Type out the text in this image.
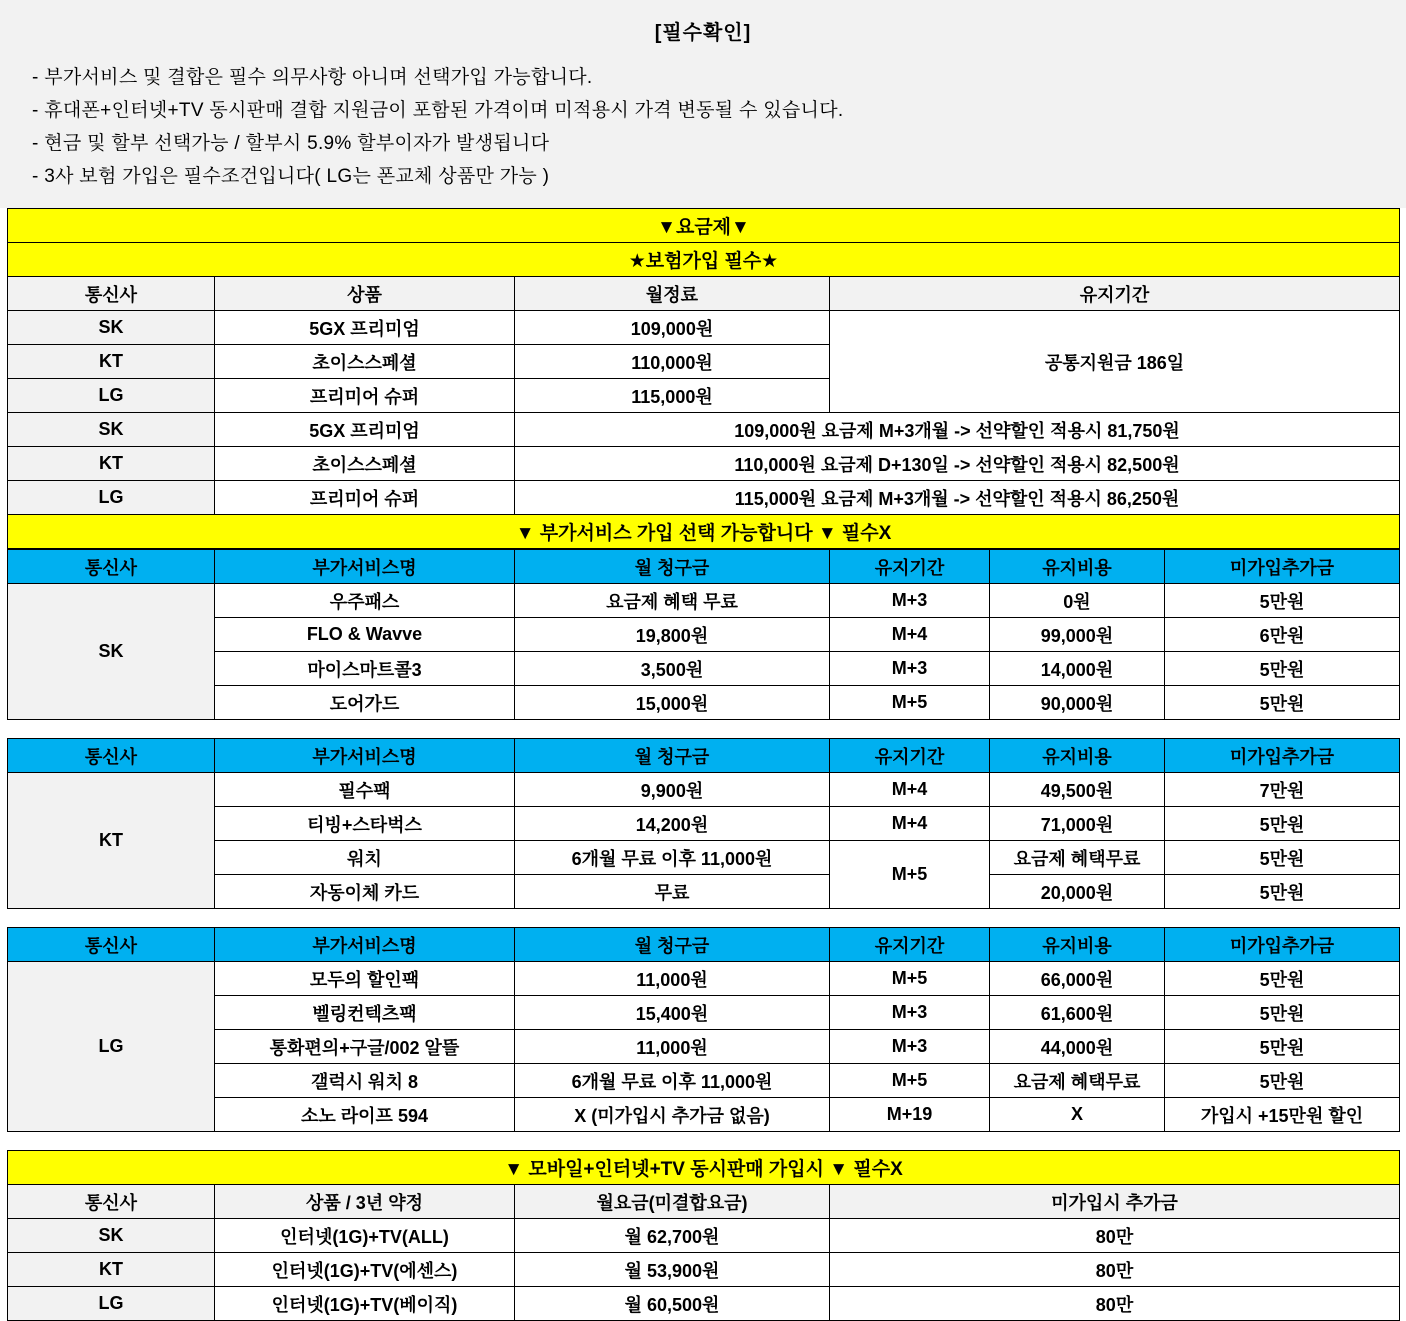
[필수확인]
- 부가서비스 및 결합은 필수 의무사항 아니며 선택가입 가능합니다.
- 휴대폰+인터넷+TV 동시판매 결합 지원금이 포함된 가격이며 미적용시 가격 변동될 수 있습니다.
- 현금 및 할부 선택가능 / 할부시 5.9% 할부이자가 발생됩니다
- 3사 보험 가입은 필수조건입니다( LG는 폰교체 상품만 가능 )
▼요금제▼			
★보험가입 필수★			
통신사	상품	월정료	유지기간
SK	5GX 프리미엄	109,000원	공통지원금 186일
KT	초이스스페셜	110,000원	
LG	프리미어 슈퍼	115,000원	
SK	5GX 프리미엄	109,000원 요금제 M+3개월 -> 선약할인 적용시 81,750원	
KT	초이스스페셜	110,000원 요금제 D+130일 -> 선약할인 적용시 82,500원	
LG	프리미어 슈퍼	115,000원 요금제 M+3개월 -> 선약할인 적용시 86,250원	
▼ 부가서비스 가입 선택 가능합니다 ▼ 필수X			
통신사	부가서비스명	월 청구금	유지기간	유지비용	미가입추가금
SK	우주패스	요금제 혜택 무료	M+3	0원	5만원
	FLO & Wavve	19,800원	M+4	99,000원	6만원
	마이스마트콜3	3,500원	M+3	14,000원	5만원
	도어가드	15,000원	M+5	90,000원	5만원
통신사	부가서비스명	월 청구금	유지기간	유지비용	미가입추가금
KT	필수팩	9,900원	M+4	49,500원	7만원
	티빙+스타벅스	14,200원	M+4	71,000원	5만원
	워치	6개월 무료 이후 11,000원	M+5	요금제 혜택무료	5만원
	자동이체 카드	무료		20,000원	5만원
통신사	부가서비스명	월 청구금	유지기간	유지비용	미가입추가금
LG	모두의 할인팩	11,000원	M+5	66,000원	5만원
	벨링컨텍츠팩	15,400원	M+3	61,600원	5만원
	통화편의+구글/002 알뜰	11,000원	M+3	44,000원	5만원
	갤럭시 워치 8	6개월 무료 이후 11,000원	M+5	요금제 혜택무료	5만원
	소노 라이프 594	X (미가입시 추가금 없음)	M+19	X	가입시 +15만원 할인
▼ 모바일+인터넷+TV 동시판매 가입시 ▼ 필수X			
통신사	상품 / 3년 약정	월요금(미결합요금)	미가입시 추가금
SK	인터넷(1G)+TV(ALL)	월 62,700원	80만
KT	인터넷(1G)+TV(에센스)	월 53,900원	80만
LG	인터넷(1G)+TV(베이직)	월 60,500원	80만
